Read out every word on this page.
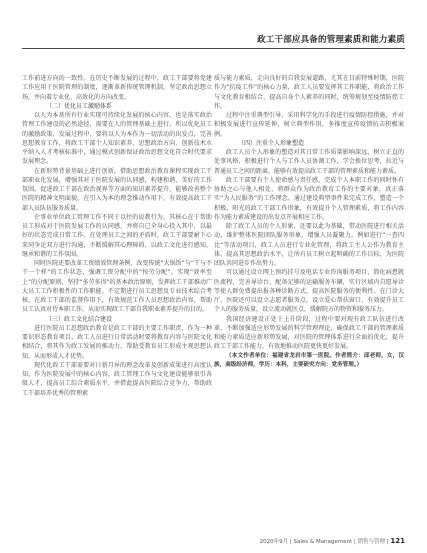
政工干部应具备的管理素质和能力素质

工作前进方向的一致性。在历史不断发展的过程中，政工干部要将党建工作应用于医院管理的制度，逐渐革新传统管理机制，坚定政治思想立场，并向着专业化、高效化的方向改变。

（二）优化员工激励体系

以人为本基所有行业实现可持续化发展的核心内容，也是落实政治管理工作建设的必然途径，需要在人的管理基础上进行。所以优化员工的激励政策，发展过程中，要将以人为本作为一切活动的出发点，完善思想教育工作，将政工干部个人知识素养、思想政治方向、创新技术水平纳入人才考核标准中，通过模式创新保证政治思想文化符合时代要求发展理念。

在新形势背景基础上进行创新，借助思想政治教育课程实现政工干部职业化发展，增强其对于医院发展的认同感，构建和谐、美好的工作氛围。促进政工干部在政治视界等方面的知识素养提升，能够改善整个医院的精神文明面貌。在引入为本的理念推动作用下，有效提高政工干部人员队伍服务质量。

企事业单位政工管理工作不同于以往的说教行为，其核心在于帮助员工形成对于医院发展工作的认同感，并将自己全身心投入其中，以最好的状态完成日常工作。在处理员工之间的矛盾时，政工干部要耐下心来同争论双方进行沟通，不断缓解其心理障碍，以政工文化进行感知，继承和谐的工作氛围。

同时医院还要改革工资绩效管理条例，改变传统“大锅饭”与“干与不干一个样”的工作状态，强调工资分配中的“按劳分配”，实现“效率至上”的分配原则，坚持“多劳多得”的基本政治原则，发挥政工干部推动广大员工工作积极性的工作职能。不定期进行员工思想及专业技术综合考核，在政工干部的监督作用下，有效规范工作人员思想政治内容，帮助员工认真对待本职工作，从而实现政工干部自我职业素养提升的目的。

（三）政工文化结合建设

进行医院员工思想政治教育是政工干部的主要工作职责，作为一种要识形态教育项目，政工人员进行日常活动时要将教育内容与医院文化相结合，将其作为政工发展的推动力，帮助受教育员工形成主观思想认知，从而形成人才优势。

现代化政工干部需要对日新月异的理念改革及创新成果进行高度认知，作为医院发展中的核心内容，政工管理工作与文化建设能够很引各级人才，提高员工综合素质水平，并借此提高医院综合竞争力，帮助政工干部培养优秀的管理素

质与能力素质，走向良好的自我发展道路，尤其在目前特殊时期，医院作为“抗疫工作”的核心力量，政工人员要发挥其工作职能，将政治工作与文化教育相结合，提高自身个人素养的同时，统筹规划至疫情防控工作。

过程中注重典型引导，采用科学化的手段进行疫情防控措施，并对积极发展进行宣传延伸，树立典型作用，多推度宣传疫情抗击积极案例。

（四）注重个人形象塑造

政工人员个人形象的塑造对其日常工作质量影响深远，树立正直的处事风格，积极进行个人与工作人员协调工作，学会换位思考，拉近与普通员工之间的距离，能够有效提高政工干部的管理素质和能力素质。

政工干部要有个人使命感与责任感，完成个人本职工作的同时怀有协助之心与他人相处，将群众作为政治教育工作的主要对象，真正落实“为人民服务”的工作理念。通过建设典型事件来完成工作，塑造一个积极、阳光的政工干部工作形象，有效提升个人管理素质，将工作内容作为能力素质建设的出发点开展相应工作。

除了政工人员的个人形象，还要以此为基础，带动医院进行相关活动，维护整体医院团队服务形象，增强人员凝聚力。例如进行“一查四比”等活动项目，政工人员进行专业化管理，将政工主人公作为教育主体，提高其思想政治水平，让所有员工树立起明确的工作目标，为医院团队共同进步作出努力。

可以通过设立网上预约挂号及电话专业咨询服务项目，简化病患就医流程，完善导诊台，配备足够的运输服务车辆，实行区域内自愿导诊等使人群免费提出报各种诊断方式，提高医院服务的便利性。在门诊大厅，医院还可以设立志愿者服务点，设立爱心帮扶窗口，有效提升员工个人的服务质量，设立流动就医点，缓解院方的物资和服务压力。

我国经济建设正处于上升阶段，过程中要对现有政工队伍进行改革，不断加强适应形势发展的科学管理理论，确保政工干部的管理素质和能力素质适应新形势发展，对医院的管理体系进行全面的优化，提升政工干部工作能力，有效地推动医院更快更好发展。

（本文作者单位：福建省龙岩市第一医院。作者简介：邱老师，女，汉族，高级经济师，学历：本科，主要研究方向：党务管理。）

2020年9月 | Sales & Management | 销售与管理 | 121
